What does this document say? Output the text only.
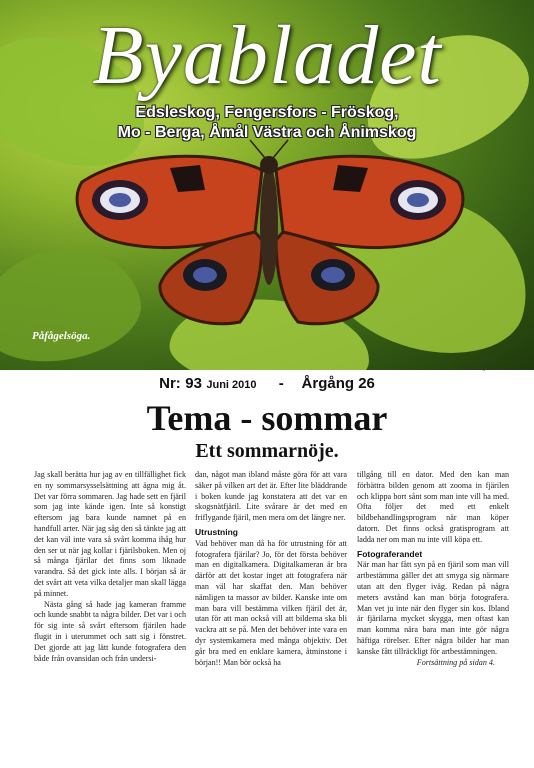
Byabladet
Edsleskog, Fengersfors - Fröskog,
Mo - Berga, Åmål Västra och Ånimskog
Påfågelsöga.
Foto: Birger Olsson.
Nr: 93 Juni 2010 - Årgång 26
Tema - sommar
Ett sommarnöje.

Jag skall berätta hur jag av en tillfällighet fick en ny sommarsysselsättning att ägna mig åt. Det var förra sommaren. Jag hade sett en fjäril som jag inte kände igen. Inte så konstigt eftersom jag bara kunde namnet på en handfull arter. När jag såg den så tänkte jag att det kan väl inte vara så svårt komma ihåg hur den ser ut när jag kollar i fjärilsboken. Men oj så många fjärilar det finns som liknade varandra. Så det gick inte alls. I början så är det svårt att veta vilka detaljer man skall lägga på minnet.

Nästa gång så hade jag kameran framme och kunde snabbt ta några bilder. Det var i och för sig inte så svårt eftersom fjärilen hade flugit in i uterummet och satt sig i fönstret. Det gjorde att jag lätt kunde fotografera den både från ovansidan och från undersi-

dan, något man ibland måste göra för att vara säker på vilken art det är. Efter lite bläddrande i boken kunde jag konstatera att det var en skogsnätfjäril. Lite svårare är det med en friflygande fjäril, men mera om det längre ner.

Utrustning

Vad behöver man då ha för utrustning för att fotografera fjärilar? Jo, för det första behöver man en digitalkamera. Digitalkameran är bra därför att det kostar inget att fotografera när man väl har skaffat den. Man behöver nämligen ta massor av bilder. Kanske inte om man bara vill bestämma vilken fjäril det är, utan för att man också vill att bilderna ska bli vackra att se på. Men det behöver inte vara en dyr systemkamera med många objektiv. Det går bra med en enklare kamera, åtminstone i början!! Man bör också ha

tillgång till en dator. Med den kan man förbättra bilden genom att zooma in fjärilen och klippa bort sånt som man inte vill ha med. Ofta följer det med ett enkelt bildbehandlingsprogram när man köper datorn. Det finns också gratisprogram att ladda ner om man nu inte vill köpa ett.

Fotograferandet

När man har fått syn på en fjäril som man vill artbestämma gäller det att smyga sig närmare utan att den flyger iväg. Redan på några meters avstånd kan man börja fotografera. Man vet ju inte när den flyger sin kos. Ibland är fjärilarna mycket skygga, men oftast kan man komma nära bara man inte gör några häftiga rörelser. Efter några bilder har man kanske fått tillräckligt för artbestämningen.

Fortsättning på sidan 4.
